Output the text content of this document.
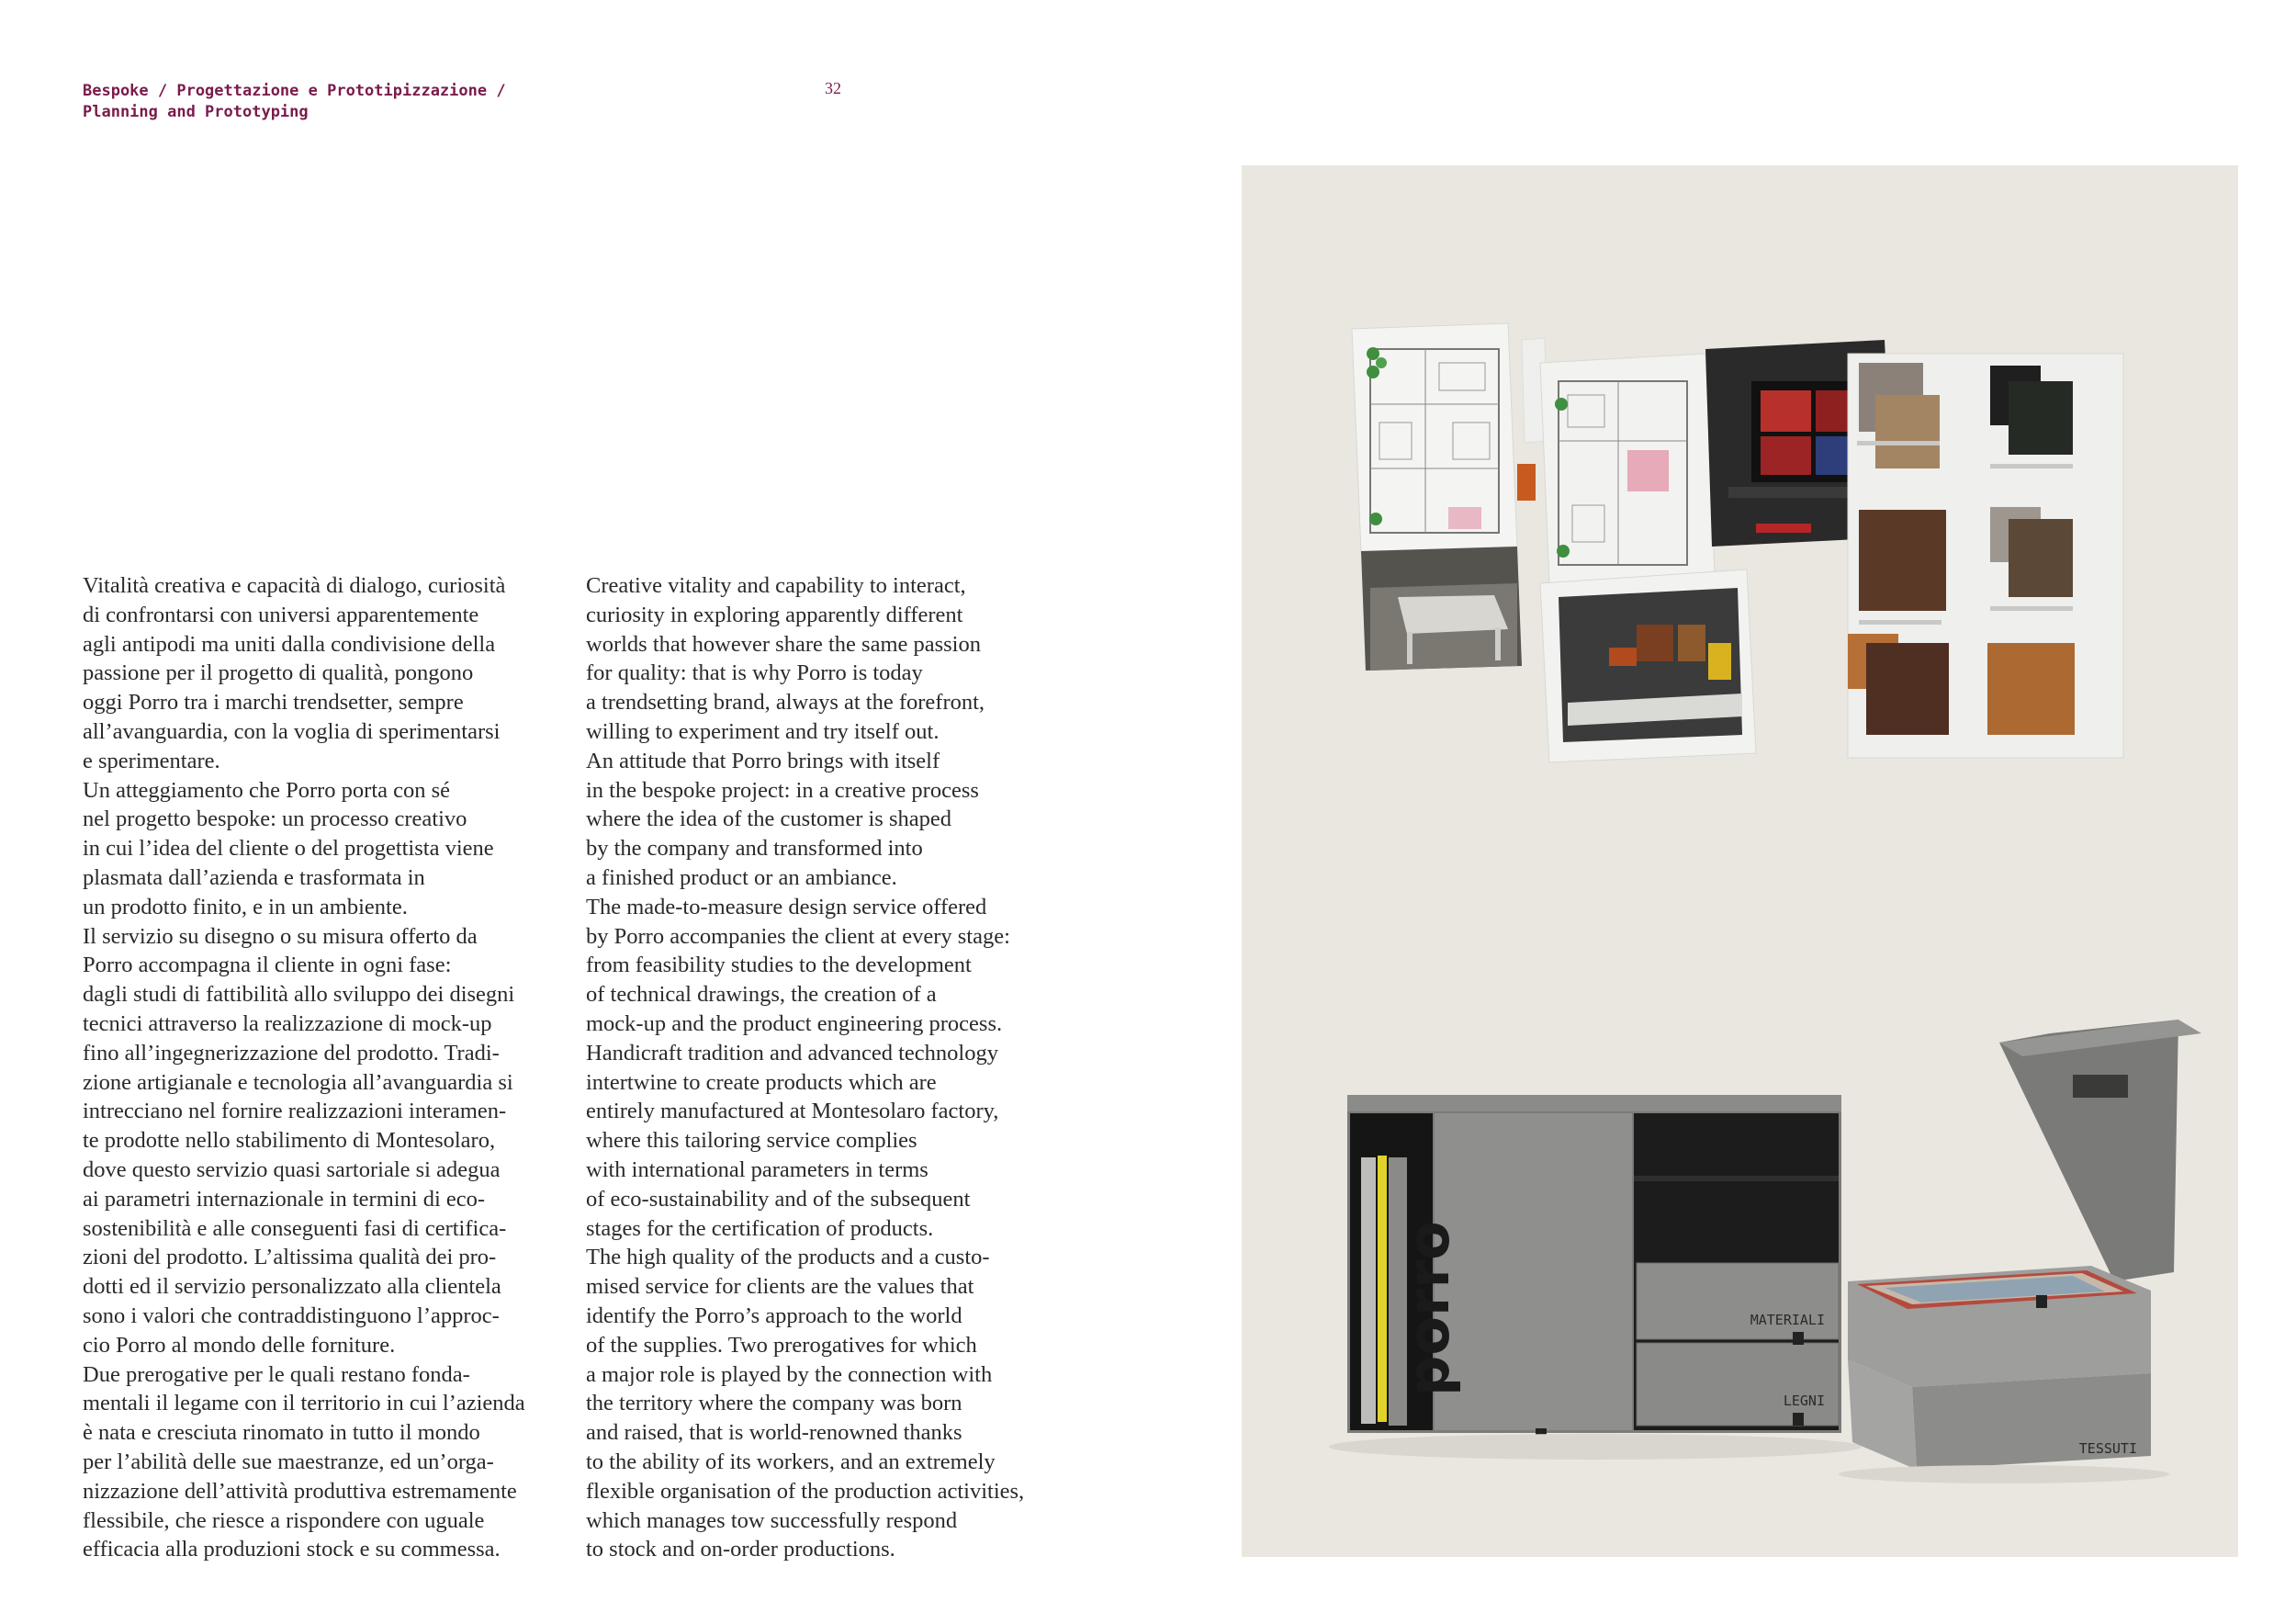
Bespoke / Progettazione e Prototipizzazione /
Planning and Prototyping
32

Vitalità creativa e capacità di dialogo, curiosità

di confrontarsi con universi apparentemente

agli antipodi ma uniti dalla condivisione della

passione per il progetto di qualità, pongono

oggi Porro tra i marchi trendsetter, sempre

all’avanguardia, con la voglia di sperimentarsi

e sperimentare.

Un atteggiamento che Porro porta con sé

nel progetto bespoke: un processo creativo

in cui l’idea del cliente o del progettista viene

plasmata dall’azienda e trasformata in

un prodotto finito, e in un ambiente.

Il servizio su disegno o su misura offerto da

Porro accompagna il cliente in ogni fase:

dagli studi di fattibilità allo sviluppo dei disegni

tecnici attraverso la realizzazione di mock-up

fino all’ingegnerizzazione del prodotto. Tradi-

zione artigianale e tecnologia all’avanguardia si

intrecciano nel fornire realizzazioni interamen-

te prodotte nello stabilimento di Montesolaro,

dove questo servizio quasi sartoriale si adegua

ai parametri internazionale in termini di eco-

sostenibilità e alle conseguenti fasi di certifica-

zioni del prodotto. L’altissima qualità dei pro-

dotti ed il servizio personalizzato alla clientela

sono i valori che contraddistinguono l’approc-

cio Porro al mondo delle forniture.

Due prerogative per le quali restano fonda-

mentali il legame con il territorio in cui l’azienda

è nata e cresciuta rinomato in tutto il mondo

per l’abilità delle sue maestranze, ed un’orga-

nizzazione dell’attività produttiva estremamente

flessibile, che riesce a rispondere con uguale

efficacia alla produzioni stock e su commessa.

Creative vitality and capability to interact,

curiosity in exploring apparently different

worlds that however share the same passion

for quality: that is why Porro is today

a trendsetting brand, always at the forefront,

willing to experiment and try itself out.

An attitude that Porro brings with itself

in the bespoke project: in a creative process

where the idea of the customer is shaped

by the company and transformed into

a finished product or an ambiance.

The made-to-measure design service offered

by Porro accompanies the client at every stage:

from feasibility studies to the development

of technical drawings, the creation of a

mock-up and the product engineering process.

Handicraft tradition and advanced technology

intertwine to create products which are

entirely manufactured at Montesolaro factory,

where this tailoring service complies

with international parameters in terms

of eco-sustainability and of the subsequent

stages for the certification of products.

The high quality of the products and a custo-

mised service for clients are the values that

identify the Porro’s approach to the world

of the supplies. Two prerogatives for which

a major role is played by the connection with

the territory where the company was born

and raised, that is world-renowned thanks

to the ability of its workers, and an extremely

flexible organisation of the production activities,

which manages tow successfully respond

to stock and on-order productions.

porro	MATERIALI
LEGNI
TESSUTI
